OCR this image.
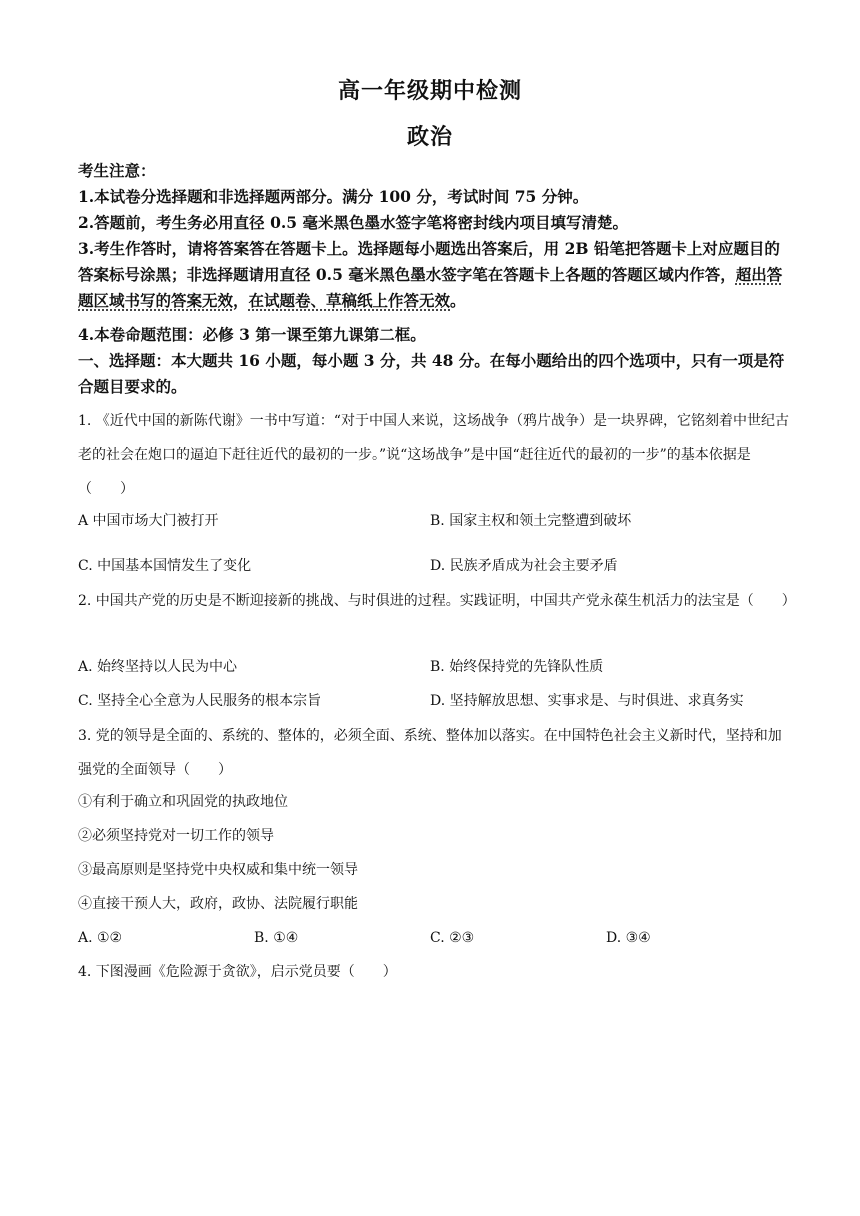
高一年级期中检测
政治
考生注意：
1.本试卷分选择题和非选择题两部分。满分 100 分，考试时间 75 分钟。
2.答题前，考生务必用直径 0.5 毫米黑色墨水签字笔将密封线内项目填写清楚。
3.考生作答时，请将答案答在答题卡上。选择题每小题选出答案后，用 2B 铅笔把答题卡上对应题目的答案标号涂黑；非选择题请用直径 0.5 毫米黑色墨水签字笔在答题卡上各题的答题区域内作答，超出答题区域书写的答案无效，在试题卷、草稿纸上作答无效。
4.本卷命题范围：必修 3 第一课至第九课第二框。
一、选择题：本大题共 16 小题，每小题 3 分，共 48 分。在每小题给出的四个选项中，只有一项是符合题目要求的。
1. 《近代中国的新陈代谢》一书中写道：“对于中国人来说，这场战争（鸦片战争）是一块界碑，它铭刻着中世纪古老的社会在炮口的逼迫下赶往近代的最初的一步。”说“这场战争”是中国“赶往近代的最初的一步”的基本依据是（　　）
A 中国市场大门被打开	B. 国家主权和领土完整遭到破坏
C. 中国基本国情发生了变化	D. 民族矛盾成为社会主要矛盾
2. 中国共产党的历史是不断迎接新的挑战、与时俱进的过程。实践证明，中国共产党永葆生机活力的法宝是（　　）
A. 始终坚持以人民为中心	B. 始终保持党的先锋队性质
C. 坚持全心全意为人民服务的根本宗旨	D. 坚持解放思想、实事求是、与时俱进、求真务实
3. 党的领导是全面的、系统的、整体的，必须全面、系统、整体加以落实。在中国特色社会主义新时代，坚持和加强党的全面领导（　　）
①有利于确立和巩固党的执政地位
②必须坚持党对一切工作的领导
③最高原则是坚持党中央权威和集中统一领导
④直接干预人大，政府，政协、法院履行职能
A. ①②	B. ①④	C. ②③	D. ③④
4. 下图漫画《危险源于贪欲》，启示党员要（　　）
